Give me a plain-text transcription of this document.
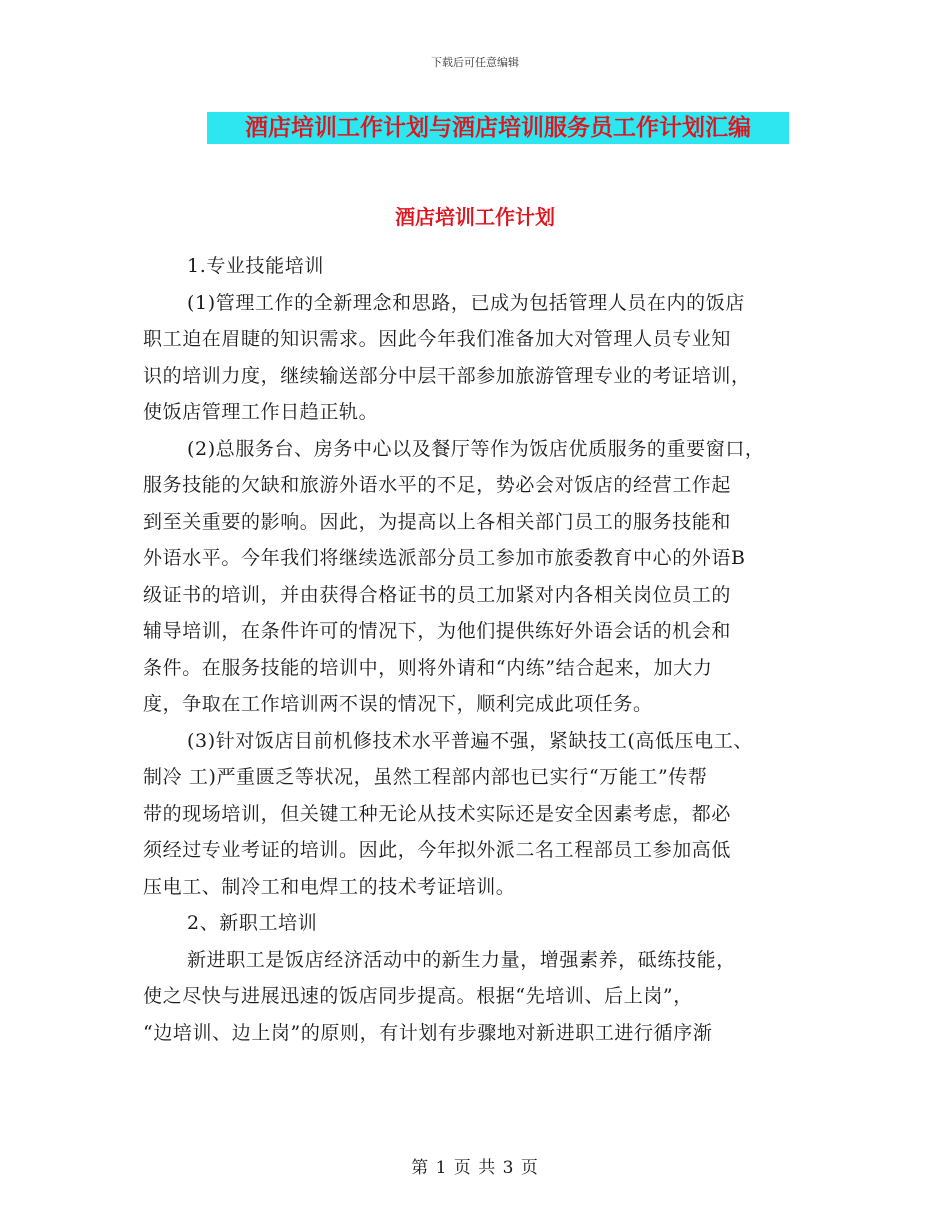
下载后可任意编辑
酒店培训工作计划与酒店培训服务员工作计划汇编
酒店培训工作计划

1.专业技能培训

(1)管理工作的全新理念和思路，已成为包括管理人员在内的饭店

职工迫在眉睫的知识需求。因此今年我们准备加大对管理人员专业知

识的培训力度，继续输送部分中层干部参加旅游管理专业的考证培训，

使饭店管理工作日趋正轨。

(2)总服务台、房务中心以及餐厅等作为饭店优质服务的重要窗口，

服务技能的欠缺和旅游外语水平的不足，势必会对饭店的经营工作起

到至关重要的影响。因此，为提高以上各相关部门员工的服务技能和

外语水平。今年我们将继续选派部分员工参加市旅委教育中心的外语B

级证书的培训，并由获得合格证书的员工加紧对内各相关岗位员工的

辅导培训，在条件许可的情况下，为他们提供练好外语会话的机会和

条件。在服务技能的培训中，则将外请和“内练”结合起来，加大力

度，争取在工作培训两不误的情况下，顺利完成此项任务。

(3)针对饭店目前机修技术水平普遍不强，紧缺技工(高低压电工、

制冷 工)严重匮乏等状况，虽然工程部内部也已实行“万能工”传帮

带的现场培训，但关键工种无论从技术实际还是安全因素考虑，都必

须经过专业考证的培训。因此，今年拟外派二名工程部员工参加高低

压电工、制冷工和电焊工的技术考证培训。

2、新职工培训

新进职工是饭店经济活动中的新生力量，增强素养，砥练技能，

使之尽快与进展迅速的饭店同步提高。根据“先培训、后上岗”，

“边培训、边上岗”的原则，有计划有步骤地对新进职工进行循序渐

第 1 页 共 3 页
